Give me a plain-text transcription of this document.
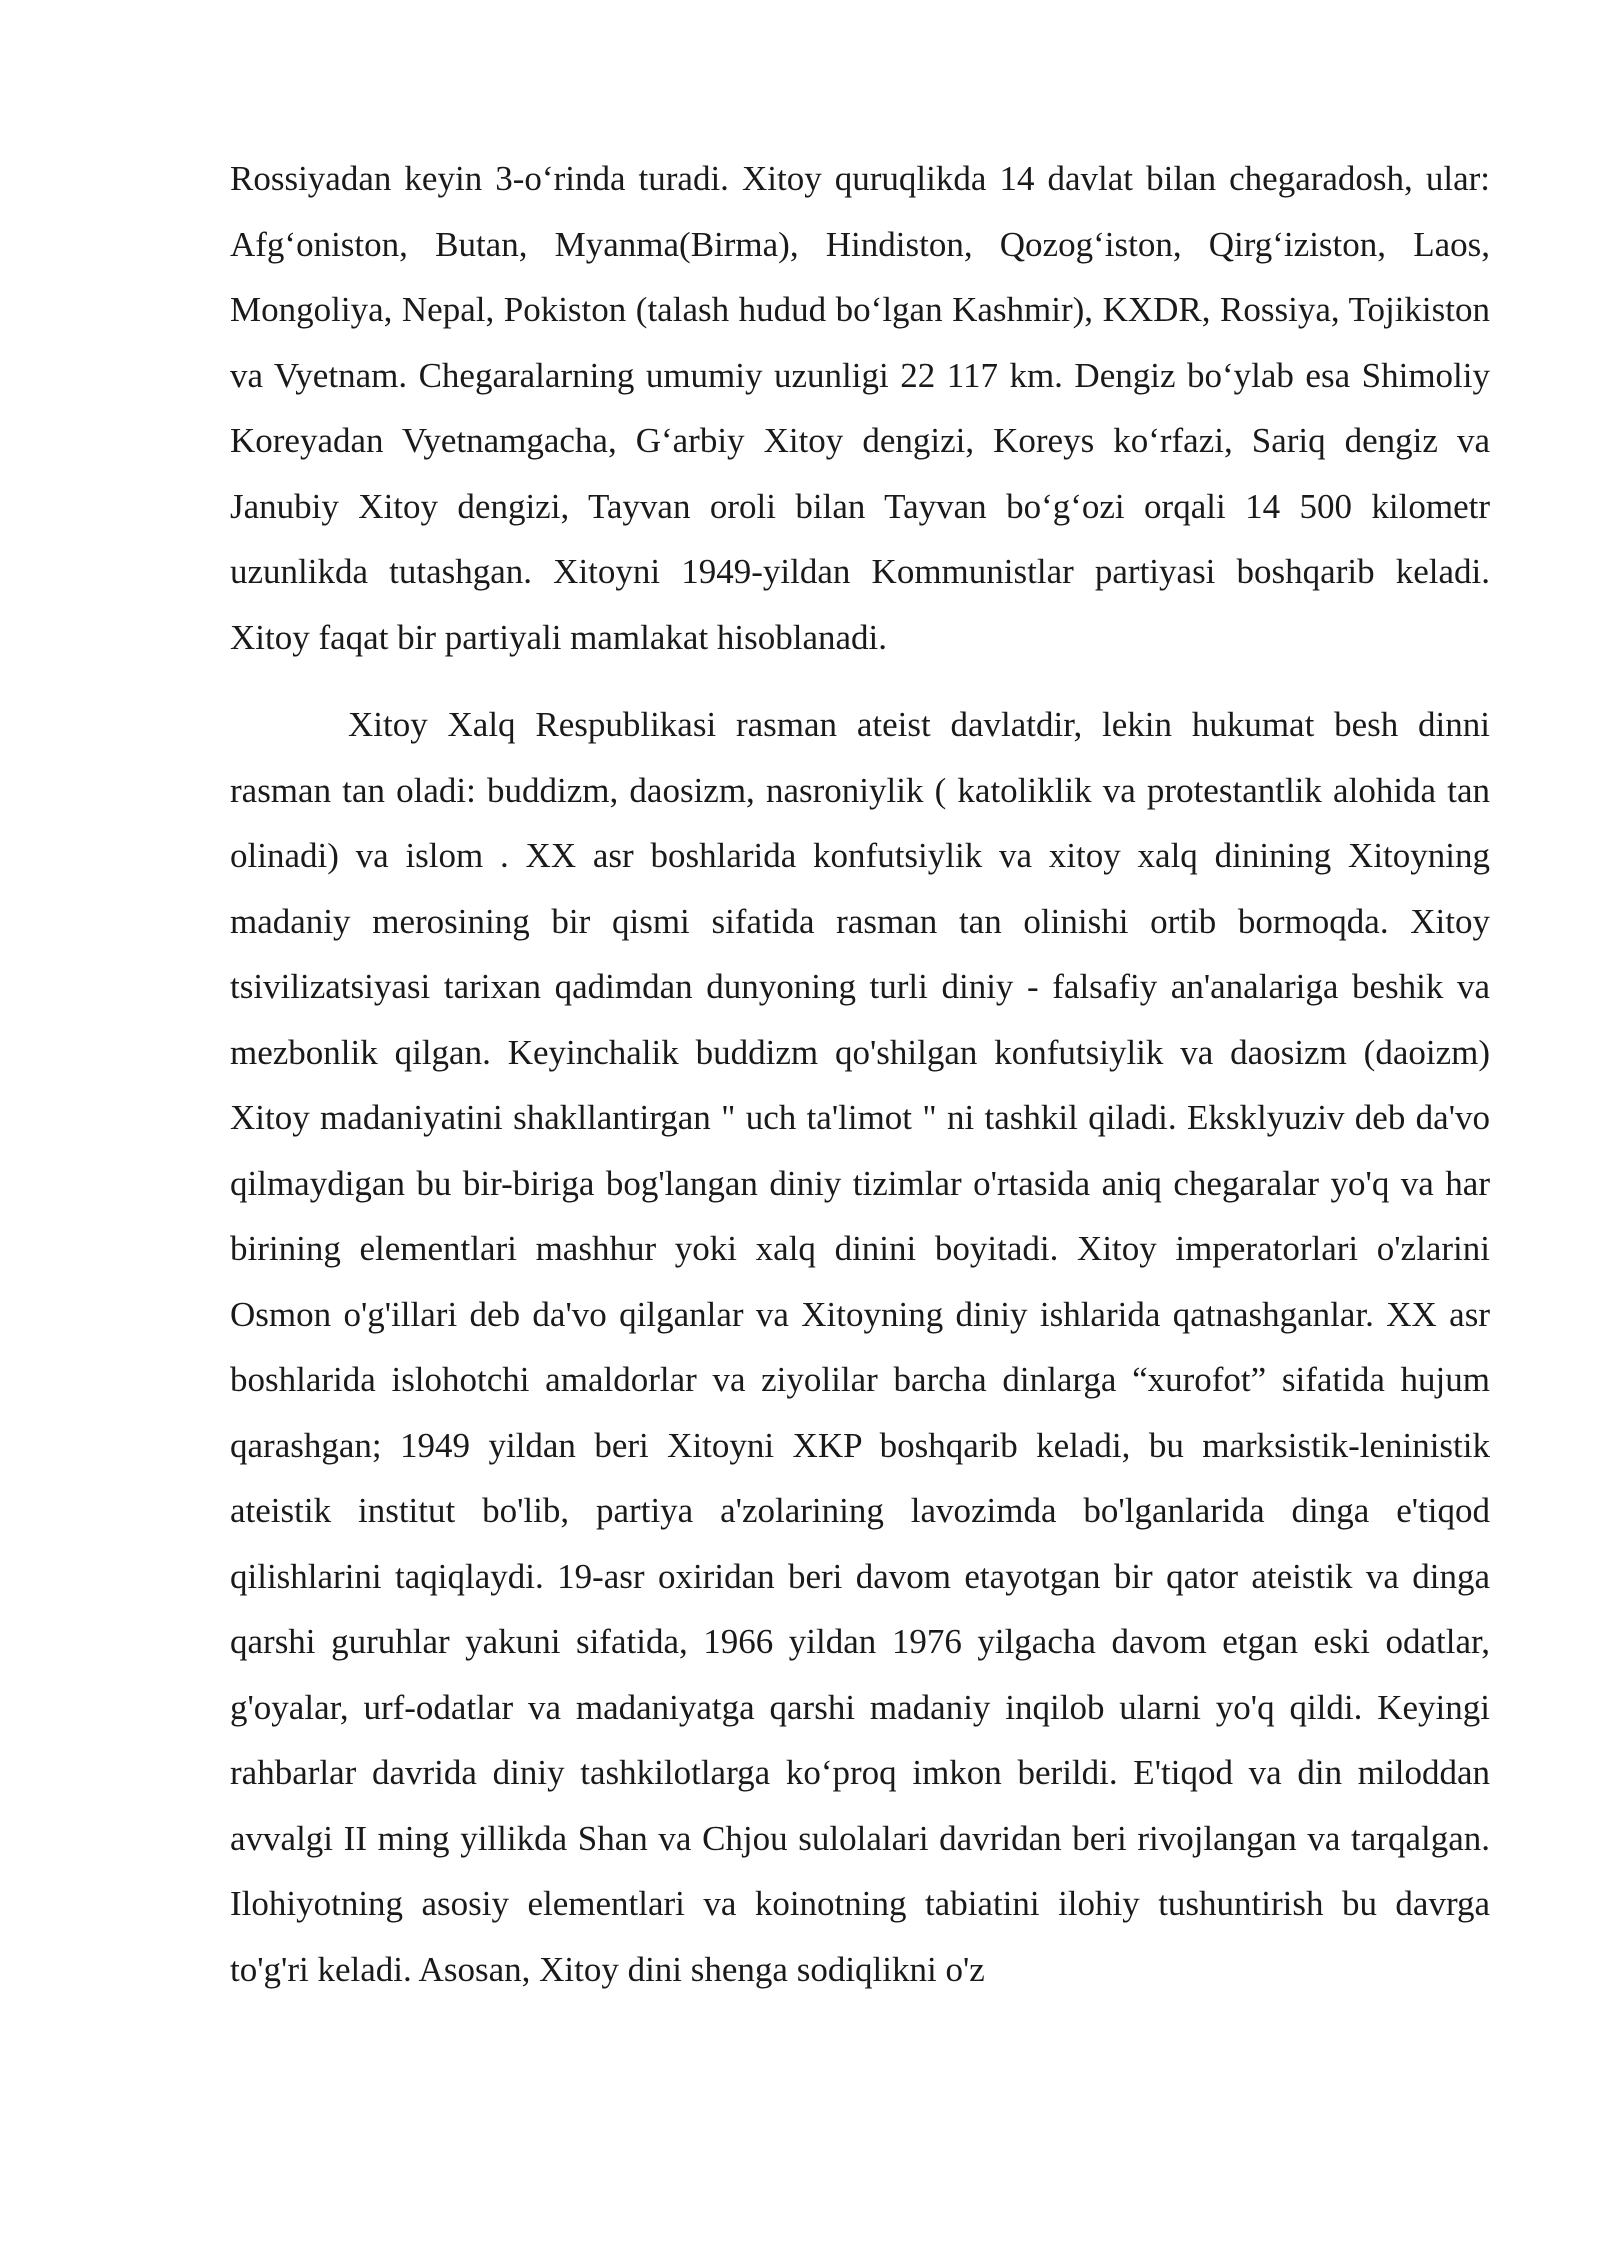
Rossiyadan keyin 3-o‘rinda turadi. Xitoy quruqlikda 14 davlat bilan chegaradosh, ular: Afg‘oniston, Butan, Myanma(Birma), Hindiston, Qozog‘iston, Qirg‘iziston, Laos, Mongoliya, Nepal, Pokiston (talash hudud bo‘lgan Kashmir), KXDR, Rossiya, Tojikiston va Vyetnam. Chegaralarning umumiy uzunligi 22 117 km. Dengiz bo‘ylab esa Shimoliy Koreyadan Vyetnamgacha, G‘arbiy Xitoy dengizi, Koreys ko‘rfazi, Sariq dengiz va Janubiy Xitoy dengizi, Tayvan oroli bilan Tayvan bo‘g‘ozi orqali 14 500 kilometr uzunlikda tutashgan. Xitoyni 1949-yildan Kommunistlar partiyasi boshqarib keladi. Xitoy faqat bir partiyali mamlakat hisoblanadi.

Xitoy Xalq Respublikasi rasman ateist davlatdir, lekin hukumat besh dinni rasman tan oladi: buddizm, daosizm, nasroniylik ( katoliklik va protestantlik alohida tan olinadi) va islom . XX asr boshlarida konfutsiylik va xitoy xalq dinining Xitoyning madaniy merosining bir qismi sifatida rasman tan olinishi ortib bormoqda. Xitoy tsivilizatsiyasi tarixan qadimdan dunyoning turli diniy - falsafiy an'analariga beshik va mezbonlik qilgan. Keyinchalik buddizm qo'shilgan konfutsiylik va daosizm (daoizm) Xitoy madaniyatini shakllantirgan " uch ta'limot " ni tashkil qiladi. Eksklyuziv deb da'vo qilmaydigan bu bir-biriga bog'langan diniy tizimlar o'rtasida aniq chegaralar yo'q va har birining elementlari mashhur yoki xalq dinini boyitadi. Xitoy imperatorlari o'zlarini Osmon o'g'illari deb da'vo qilganlar va Xitoyning diniy ishlarida qatnashganlar. XX asr boshlarida islohotchi amaldorlar va ziyolilar barcha dinlarga “xurofot” sifatida hujum qarashgan; 1949 yildan beri Xitoyni XKP boshqarib keladi, bu marksistik-leninistik ateistik institut bo'lib, partiya a'zolarining lavozimda bo'lganlarida dinga e'tiqod qilishlarini taqiqlaydi. 19-asr oxiridan beri davom etayotgan bir qator ateistik va dinga qarshi guruhlar yakuni sifatida, 1966 yildan 1976 yilgacha davom etgan eski odatlar, g'oyalar, urf-odatlar va madaniyatga qarshi madaniy inqilob ularni yo'q qildi. Keyingi rahbarlar davrida diniy tashkilotlarga ko‘proq imkon berildi. E'tiqod va din miloddan avvalgi II ming yillikda Shan va Chjou sulolalari davridan beri rivojlangan va tarqalgan. Ilohiyotning asosiy elementlari va koinotning tabiatini ilohiy tushuntirish bu davrga to'g'ri keladi. Asosan, Xitoy dini shenga sodiqlikni o'z
